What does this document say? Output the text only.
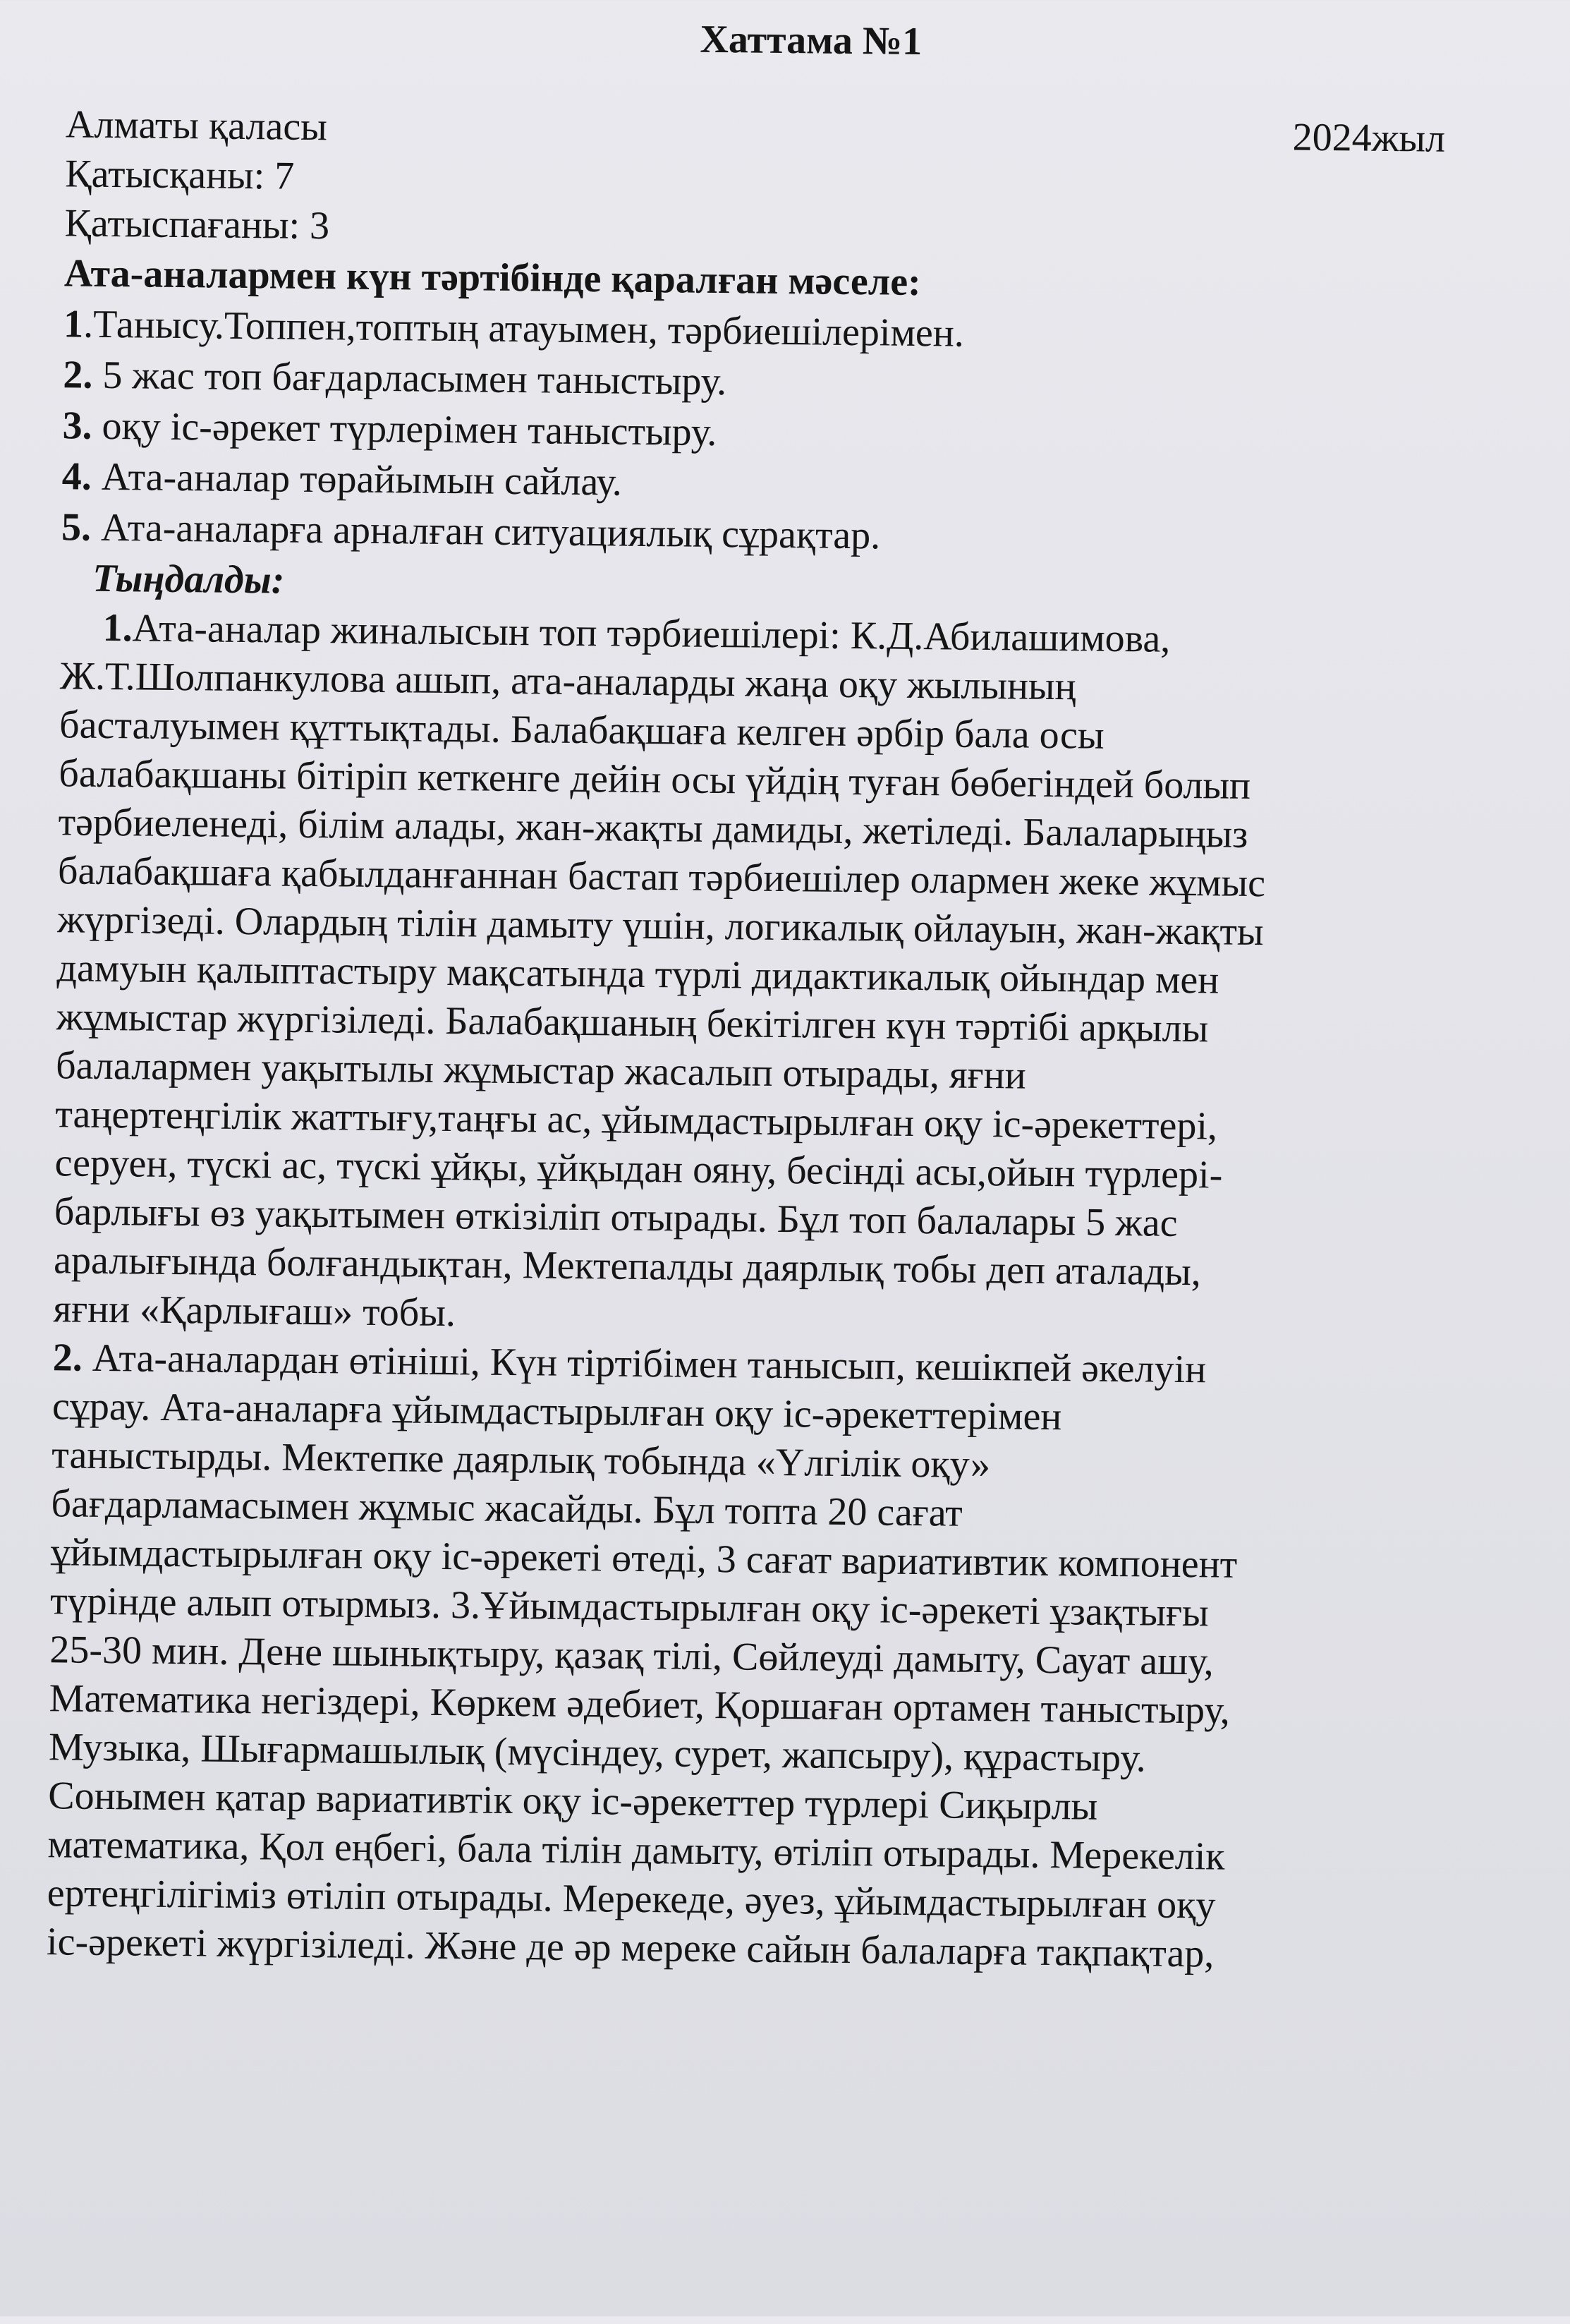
Хаттама №1
Алматы қаласы	2024жыл
Қатысқаны: 7
Қатыспағаны: 3
Ата-аналармен күн тәртібінде қаралған мәселе:
1.Танысу.Топпен,топтың атауымен, тәрбиешілерімен.
2. 5 жас топ бағдарласымен таныстыру.
3. оқу іс-әрекет түрлерімен таныстыру.
4. Ата-аналар төрайымын сайлау.
5. Ата-аналарға арналған ситуациялық сұрақтар.
Тыңдалды:
1.Ата-аналар жиналысын топ тәрбиешілері: К.Д.Абилашимова,
Ж.Т.Шолпанкулова ашып, ата-аналарды жаңа оқу жылының
басталуымен құттықтады. Балабақшаға келген әрбір бала осы
балабақшаны бітіріп кеткенге дейін осы үйдің туған бөбегіндей болып
тәрбиеленеді, білім алады, жан-жақты дамиды, жетіледі. Балаларыңыз
балабақшаға қабылданғаннан бастап тәрбиешілер олармен жеке жұмыс
жүргізеді. Олардың тілін дамыту үшін, логикалық ойлауын, жан-жақты
дамуын қалыптастыру мақсатында түрлі дидактикалық ойындар мен
жұмыстар жүргізіледі. Балабақшаның бекітілген күн тәртібі арқылы
балалармен уақытылы жұмыстар жасалып отырады, яғни
таңертеңгілік жаттығу,таңғы ас, ұйымдастырылған оқу іс-әрекеттері,
серуен, түскі ас, түскі ұйқы, ұйқыдан ояну, бесінді асы,ойын түрлері-
барлығы өз уақытымен өткізіліп отырады. Бұл топ балалары 5 жас
аралығында болғандықтан, Мектепалды даярлық тобы деп аталады,
яғни «Қарлығаш» тобы.
2. Ата-аналардан өтініші, Күн тіртібімен танысып, кешікпей әкелуін
сұрау. Ата-аналарға ұйымдастырылған оқу іс-әрекеттерімен
таныстырды. Мектепке даярлық тобында «Үлгілік оқу»
бағдарламасымен жұмыс жасайды. Бұл топта 20 сағат
ұйымдастырылған оқу іс-әрекеті өтеді, 3 сағат вариативтик компонент
түрінде алып отырмыз. 3.Ұйымдастырылған оқу іс-әрекеті ұзақтығы
25-30 мин. Дене шынықтыру, қазақ тілі, Сөйлеуді дамыту, Сауат ашу,
Математика негіздері, Көркем әдебиет, Қоршаған ортамен таныстыру,
Музыка, Шығармашылық (мүсіндеу, сурет, жапсыру), құрастыру.
Сонымен қатар вариативтік оқу іс-әрекеттер түрлері Сиқырлы
математика, Қол еңбегі, бала тілін дамыту, өтіліп отырады. Мерекелік
ертеңгілігіміз өтіліп отырады. Мерекеде, әуез, ұйымдастырылған оқу
іс-әрекеті жүргізіледі. Және де әр мереке сайын балаларға тақпақтар,
